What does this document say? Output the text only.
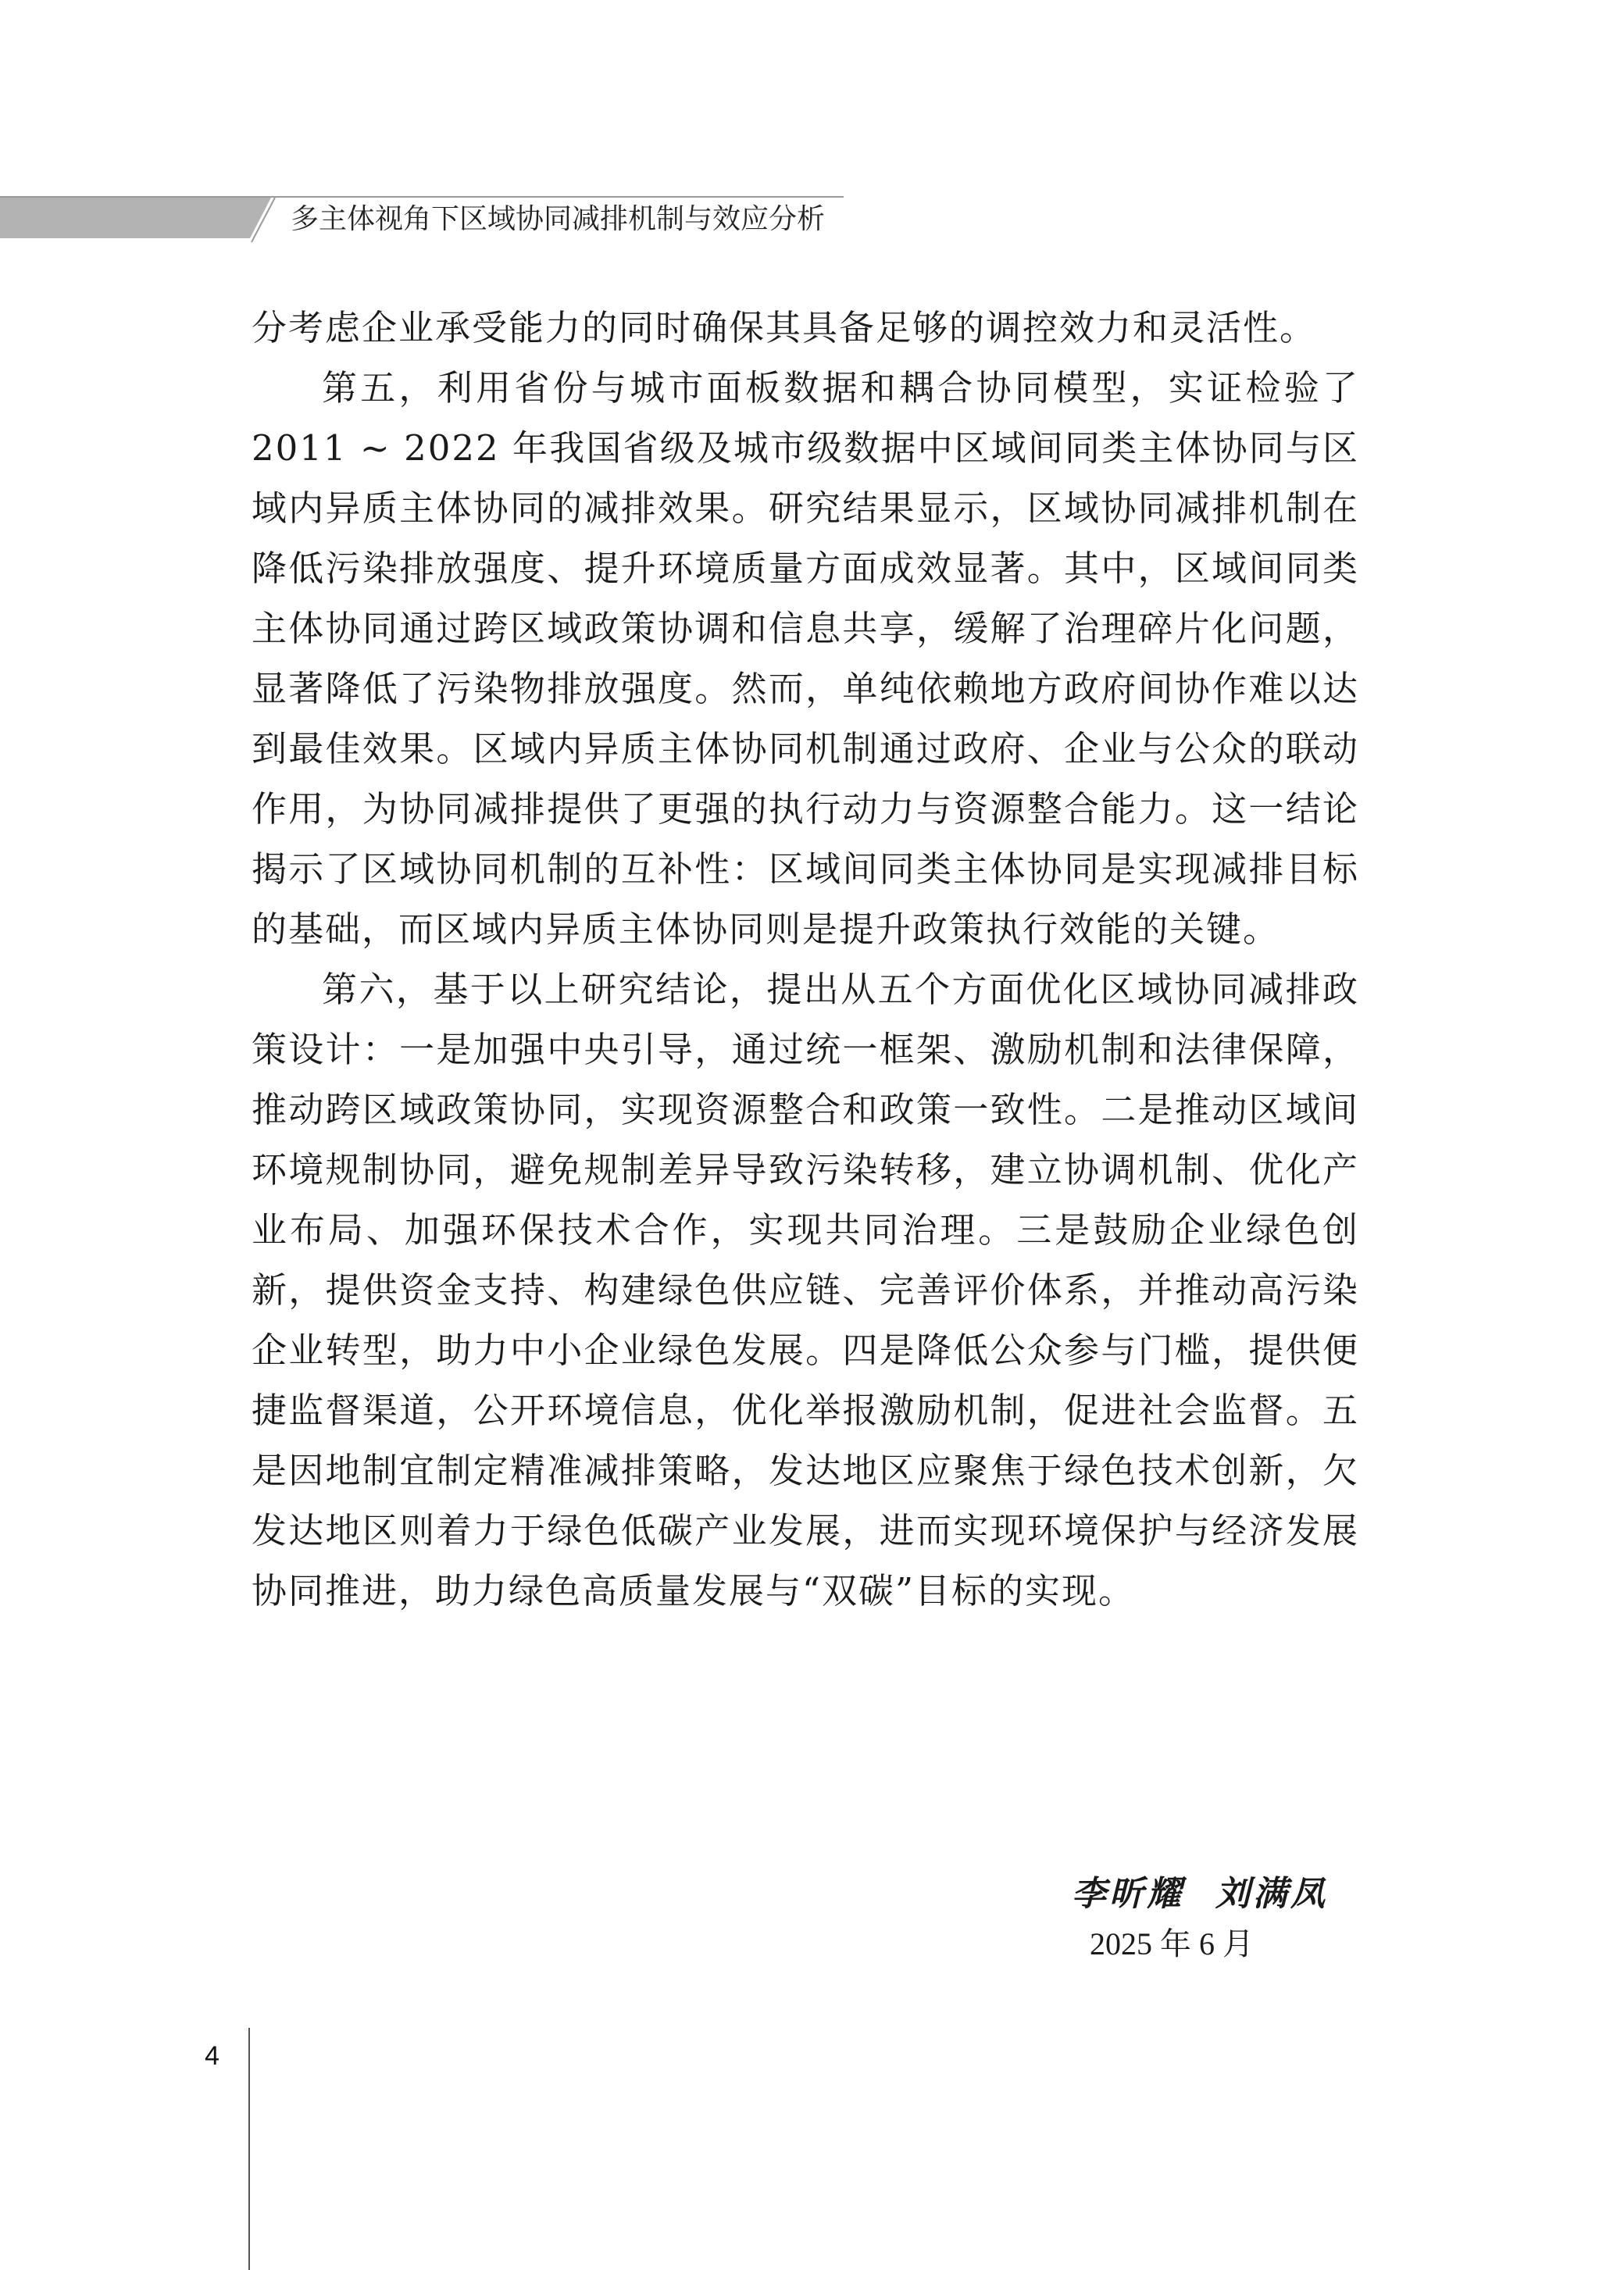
多主体视角下区域协同减排机制与效应分析

分考虑企业承受能力的同时确保其具备足够的调控效力和灵活性。

第五，利用省份与城市面板数据和耦合协同模型，实证检验了 2011 ~ 2022 年我国省级及城市级数据中区域间同类主体协同与区域内异质主体协同的减排效果。研究结果显示，区域协同减排机制在降低污染排放强度、提升环境质量方面成效显著。其中，区域间同类主体协同通过跨区域政策协调和信息共享，缓解了治理碎片化问题，显著降低了污染物排放强度。然而，单纯依赖地方政府间协作难以达到最佳效果。区域内异质主体协同机制通过政府、企业与公众的联动作用，为协同减排提供了更强的执行动力与资源整合能力。这一结论揭示了区域协同机制的互补性：区域间同类主体协同是实现减排目标的基础，而区域内异质主体协同则是提升政策执行效能的关键。

第六，基于以上研究结论，提出从五个方面优化区域协同减排政策设计：一是加强中央引导，通过统一框架、激励机制和法律保障，推动跨区域政策协同，实现资源整合和政策一致性。二是推动区域间环境规制协同，避免规制差异导致污染转移，建立协调机制、优化产业布局、加强环保技术合作，实现共同治理。三是鼓励企业绿色创新，提供资金支持、构建绿色供应链、完善评价体系，并推动高污染企业转型，助力中小企业绿色发展。四是降低公众参与门槛，提供便捷监督渠道，公开环境信息，优化举报激励机制，促进社会监督。五是因地制宜制定精准减排策略，发达地区应聚焦于绿色技术创新，欠发达地区则着力于绿色低碳产业发展，进而实现环境保护与经济发展协同推进，助力绿色高质量发展与“双碳”目标的实现。

李昕耀 刘满凤
2025 年 6 月
4
